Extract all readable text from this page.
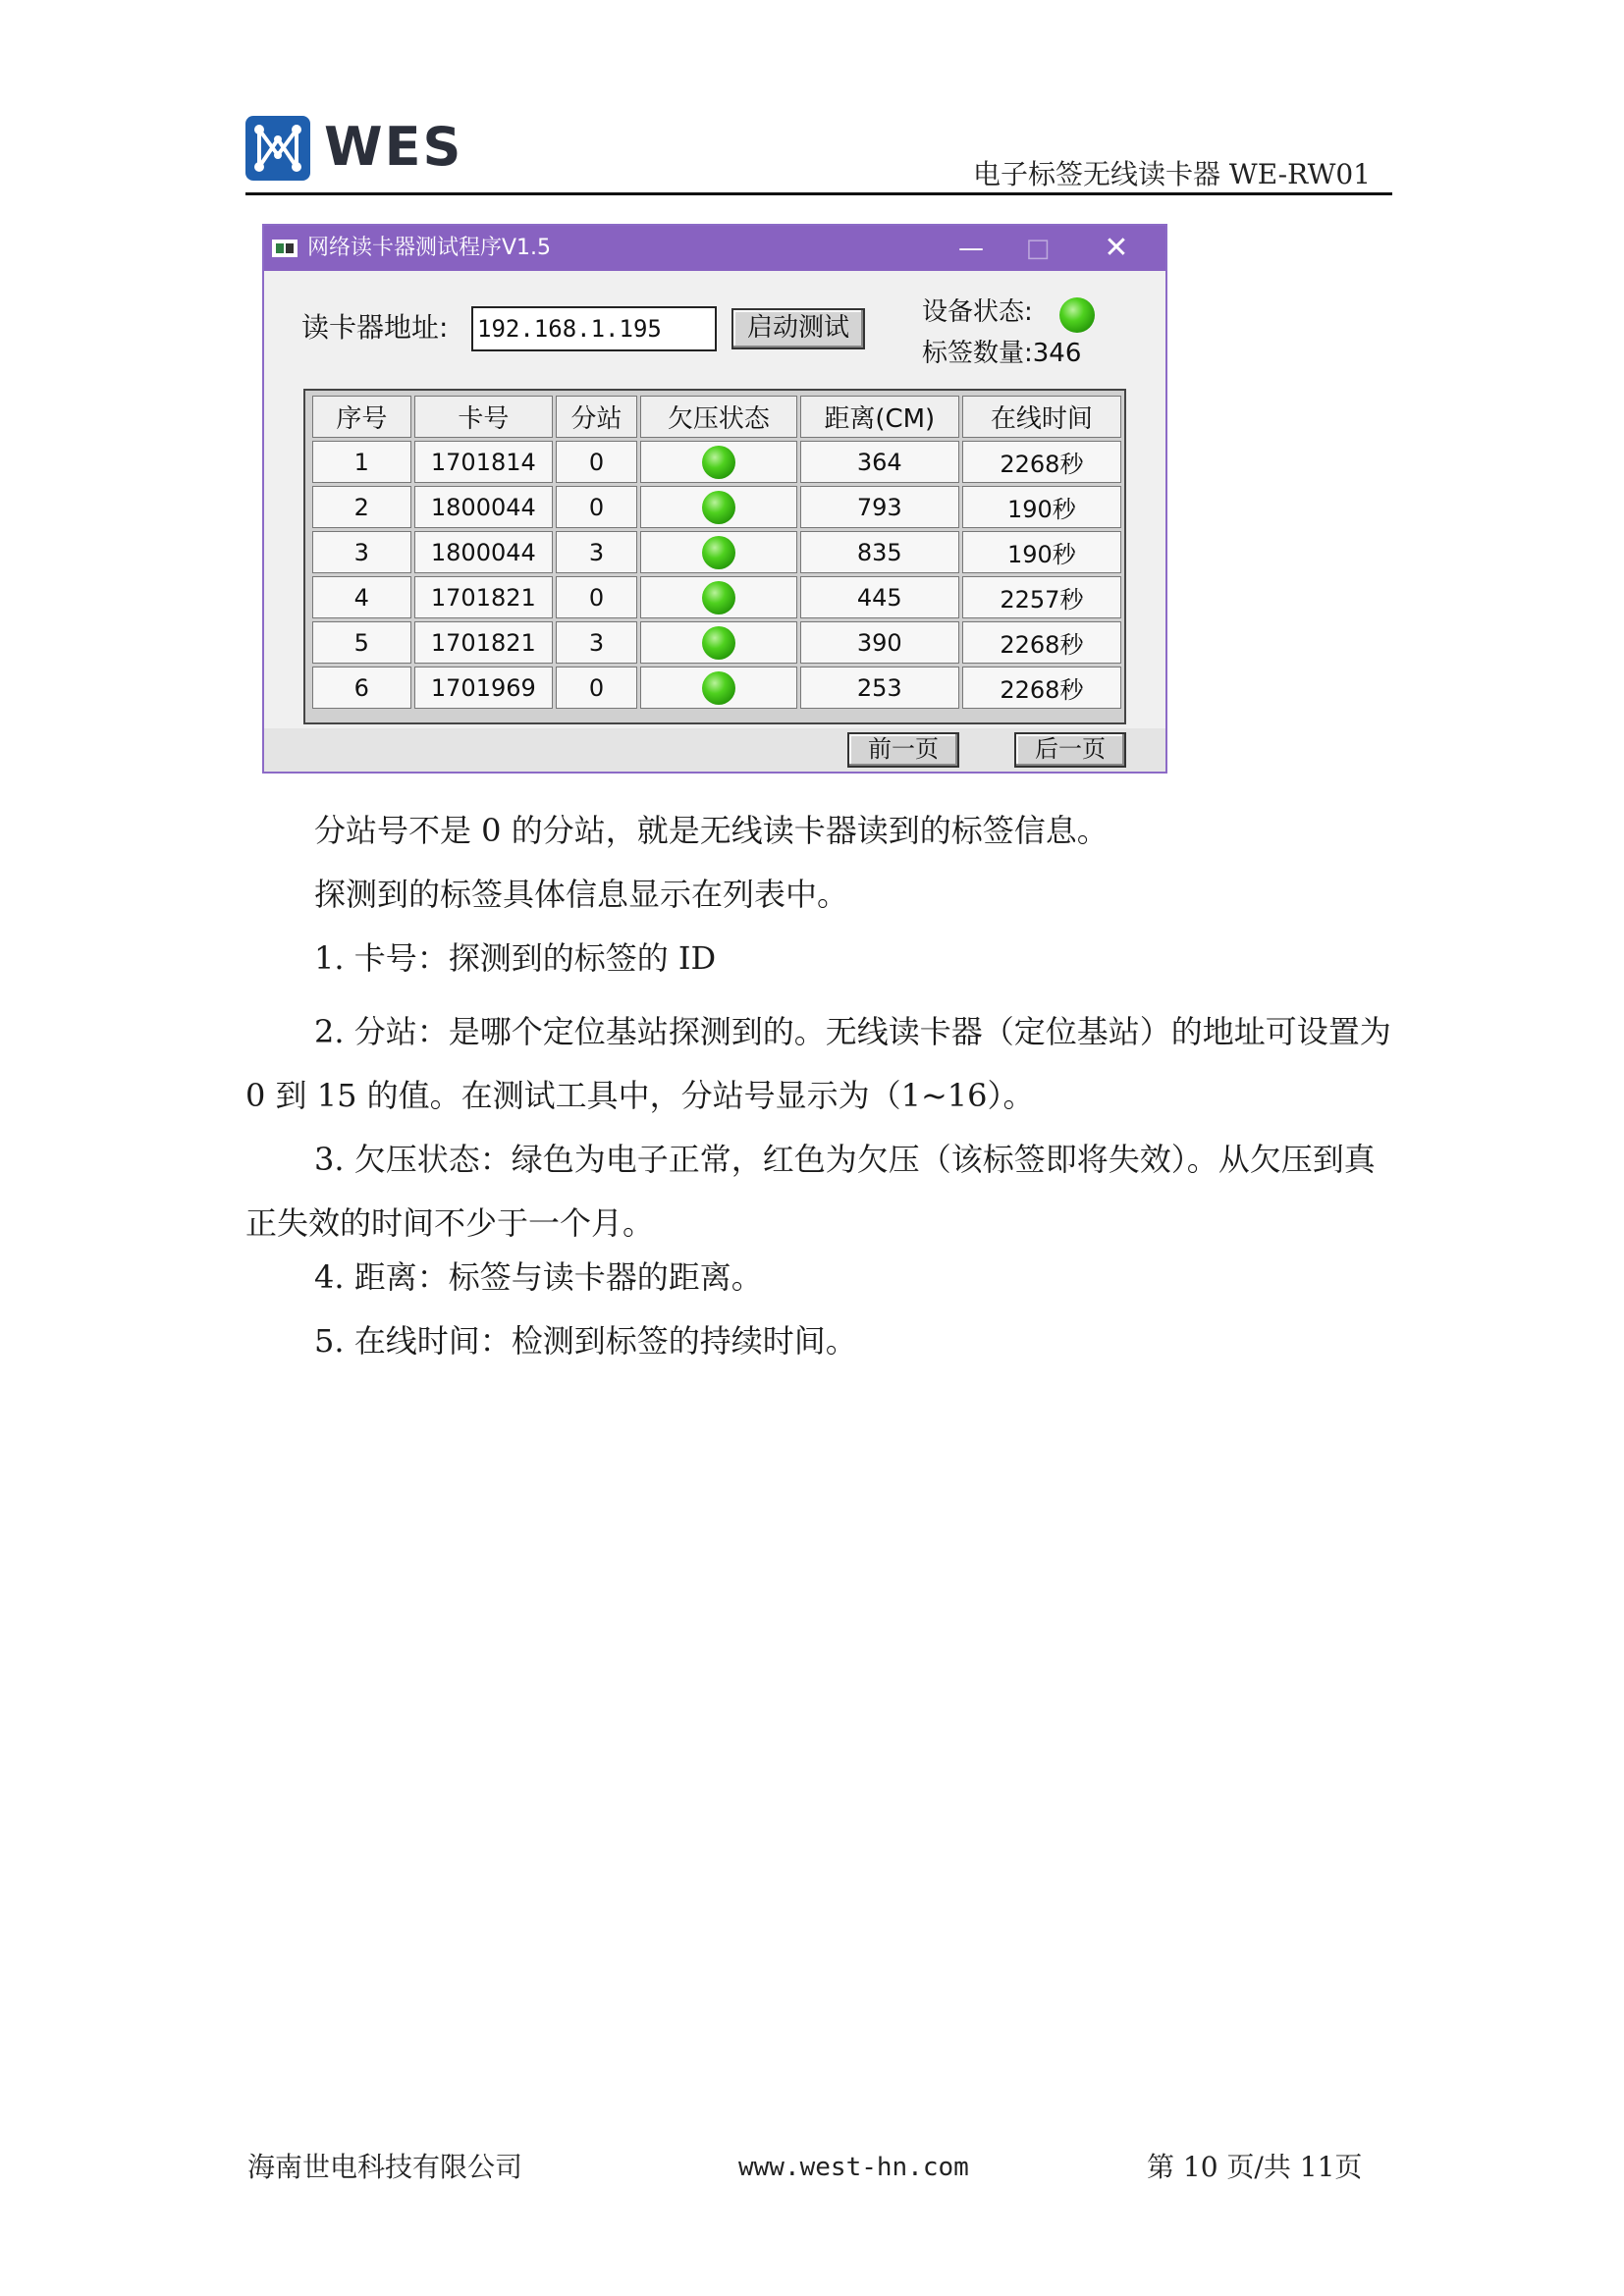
WES	电子标签无线读卡器 WE-RW01
网络读卡器测试程序V1.5	—	□	✕
读卡器地址: 192.168.1.195	启动测试
设备状态:
标签数量:346
序号	卡号	分站	欠压状态	距离(CM)	在线时间
1	1701814	0		364	2268秒
2	1800044	0		793	190秒
3	1800044	3		835	190秒
4	1701821	0		445	2257秒
5	1701821	3		390	2268秒
6	1701969	0		253	2268秒
前一页	后一页
分站号不是 0 的分站，就是无线读卡器读到的标签信息。
探测到的标签具体信息显示在列表中。
1. 卡号：探测到的标签的 ID
2. 分站：是哪个定位基站探测到的。无线读卡器（定位基站）的地址可设置为 0 到 15 的值。在测试工具中，分站号显示为（1~16）。
3. 欠压状态：绿色为电子正常，红色为欠压（该标签即将失效）。从欠压到真正失效的时间不少于一个月。
4. 距离：标签与读卡器的距离。
5. 在线时间：检测到标签的持续时间。
海南世电科技有限公司	www.west-hn.com	第 10 页/共 11页
